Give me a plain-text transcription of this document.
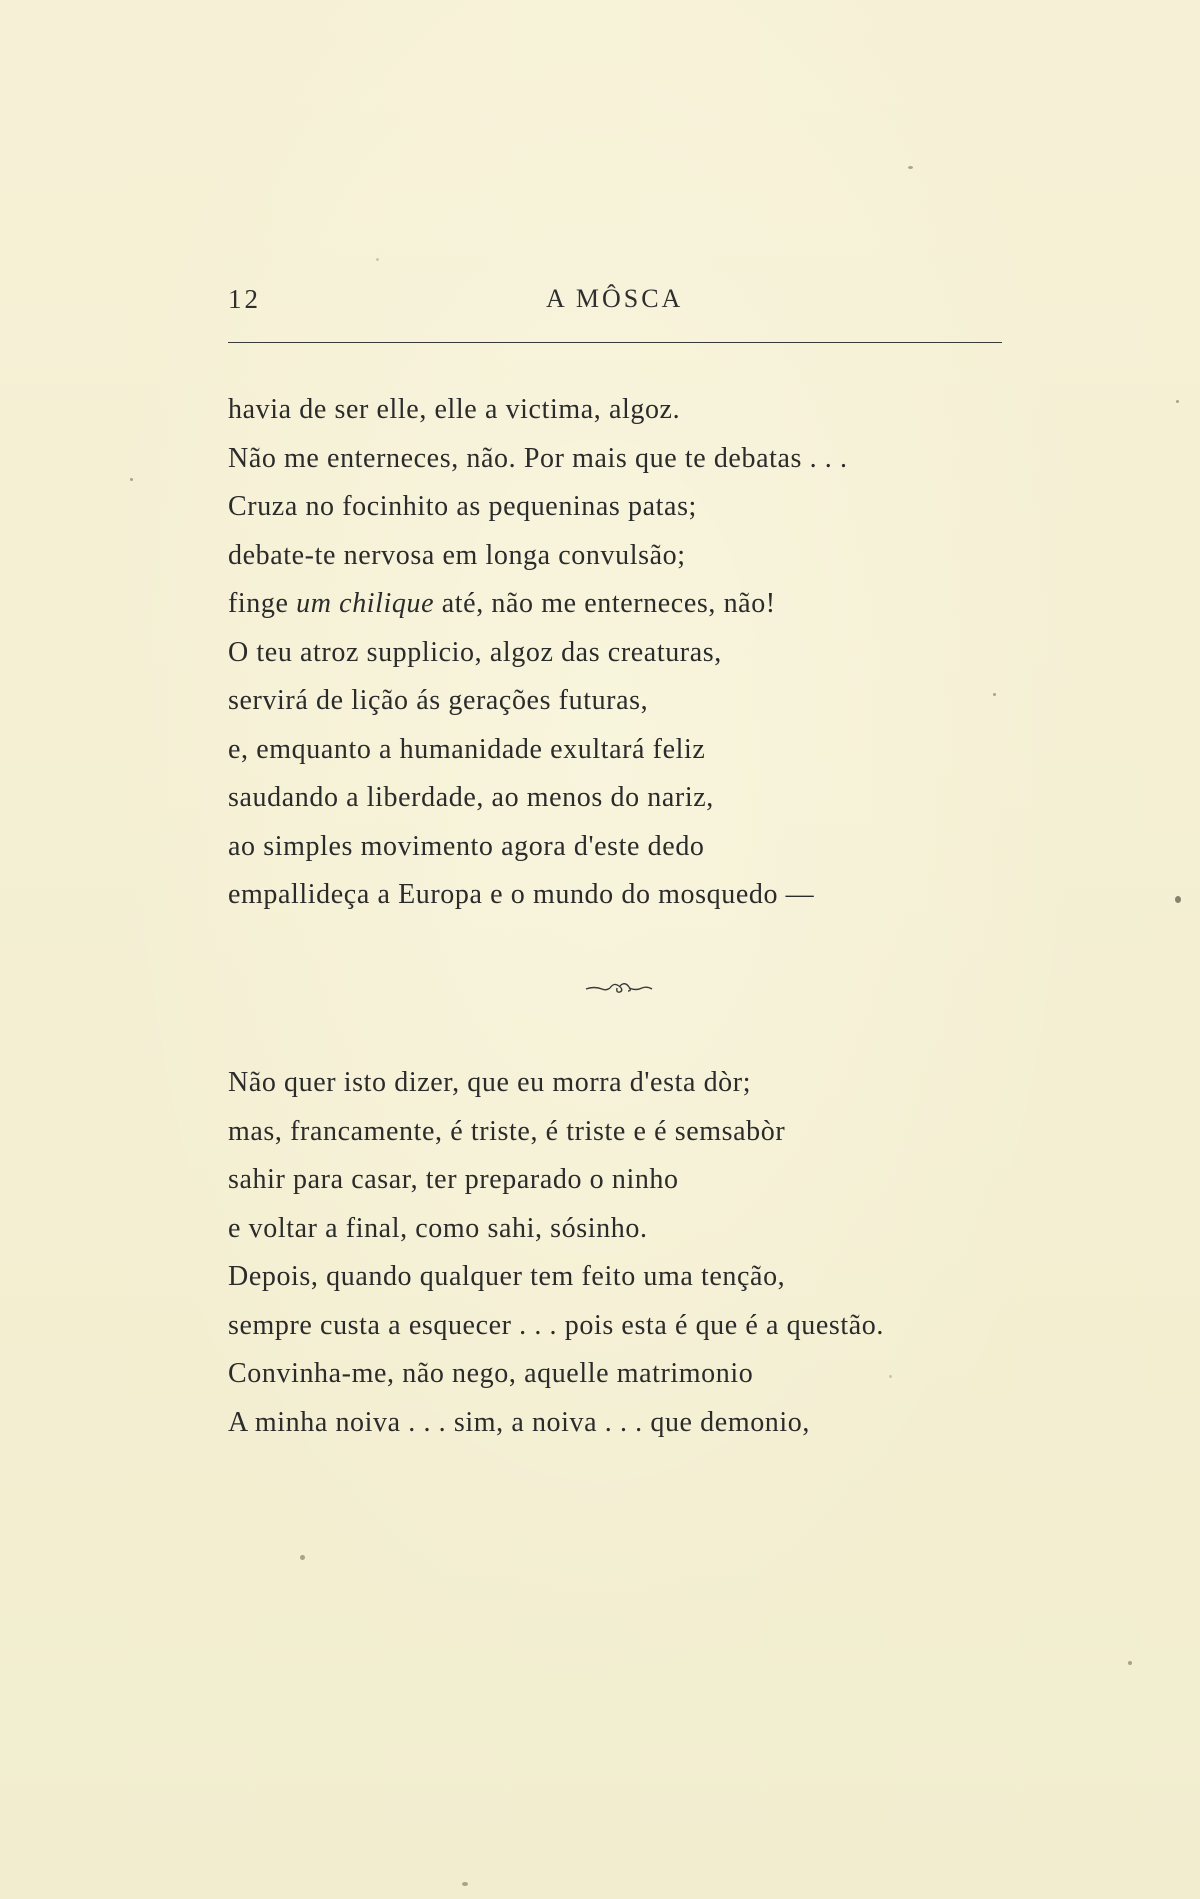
12	A MÔSCA
havia de ser elle, elle a victima, algoz.
Não me enterneces, não. Por mais que te debatas . . .
Cruza no focinhito as pequeninas patas;
debate-te nervosa em longa convulsão;
finge um chilique até, não me enterneces, não!
O teu atroz supplicio, algoz das creaturas,
servirá de lição ás gerações futuras,
e, emquanto a humanidade exultará feliz
saudando a liberdade, ao menos do nariz,
ao simples movimento agora d'este dedo
empallideça a Europa e o mundo do mosquedo —
Não quer isto dizer, que eu morra d'esta dòr;
mas, francamente, é triste, é triste e é semsabòr
sahir para casar, ter preparado o ninho
e voltar a final, como sahi, sósinho.
Depois, quando qualquer tem feito uma tenção,
sempre custa a esquecer . . . pois esta é que é a questão.
Convinha-me, não nego, aquelle matrimonio
A minha noiva . . . sim, a noiva . . . que demonio,
